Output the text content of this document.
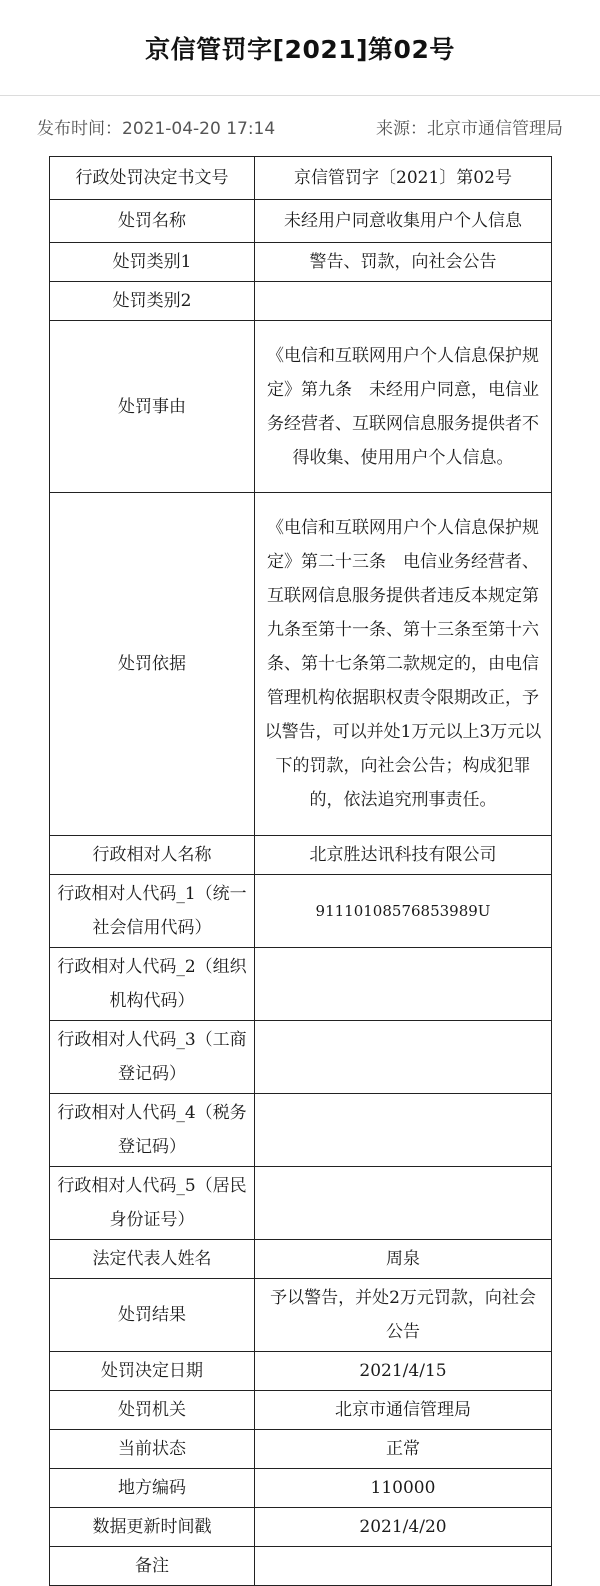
京信管罚字[2021]第02号
发布时间：2021-04-20 17:14	来源：北京市通信管理局
行政处罚决定书文号	京信管罚字〔2021〕第02号
处罚名称	未经用户同意收集用户个人信息
处罚类别1	警告、罚款，向社会公告
处罚类别2	
处罚事由	《电信和互联网用户个人信息保护规定》第九条　未经用户同意，电信业务经营者、互联网信息服务提供者不得收集、使用用户个人信息。
处罚依据	《电信和互联网用户个人信息保护规定》第二十三条　电信业务经营者、互联网信息服务提供者违反本规定第九条至第十一条、第十三条至第十六条、第十七条第二款规定的，由电信管理机构依据职权责令限期改正，予以警告，可以并处1万元以上3万元以下的罚款，向社会公告；构成犯罪的，依法追究刑事责任。
行政相对人名称	北京胜达讯科技有限公司
行政相对人代码_1（统一社会信用代码）	91110108576853989U
行政相对人代码_2（组织机构代码）	
行政相对人代码_3（工商登记码）	
行政相对人代码_4（税务登记码）	
行政相对人代码_5（居民身份证号）	
法定代表人姓名	周泉
处罚结果	予以警告，并处2万元罚款，向社会公告
处罚决定日期	2021/4/15
处罚机关	北京市通信管理局
当前状态	正常
地方编码	110000
数据更新时间戳	2021/4/20
备注	
